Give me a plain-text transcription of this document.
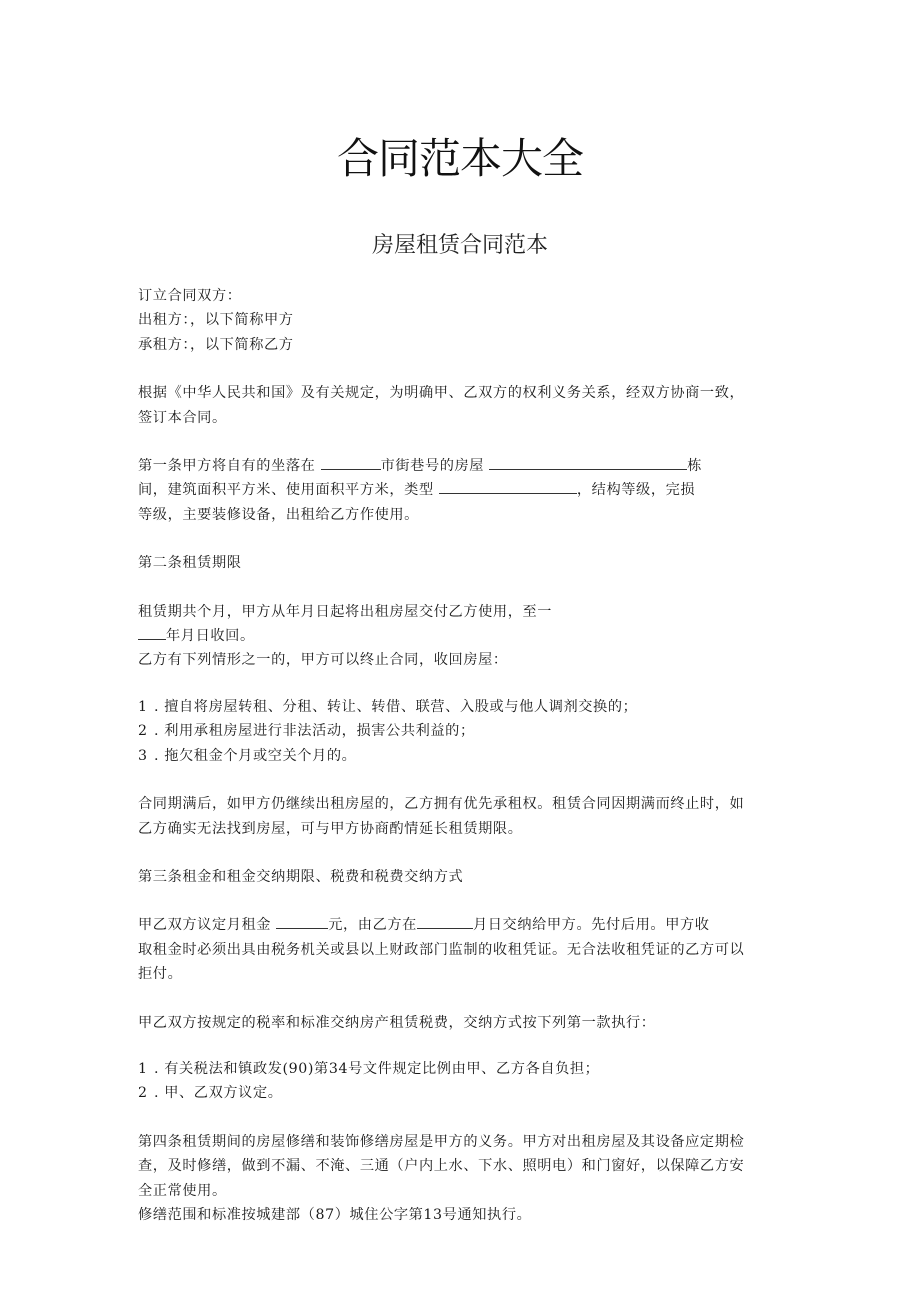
合同范本大全
房屋租赁合同范本

订立合同双方：

出租方：，以下简称甲方

承租方：，以下简称乙方

根据《中华人民共和国》及有关规定，为明确甲、乙双方的权利义务关系，经双方协商一致，

签订本合同。

第一条甲方将自有的坐落在	市街巷号的房屋	栋

间，建筑面积平方米、使用面积平方米，类型	，结构等级，完损

等级，主要装修设备，出租给乙方作使用。

第二条租赁期限

租赁期共个月，甲方从年月日起将出租房屋交付乙方使用，至一

年月日收回。

乙方有下列情形之一的，甲方可以终止合同，收回房屋：

1 . 擅自将房屋转租、分租、转让、转借、联营、入股或与他人调剂交换的；

2 . 利用承租房屋进行非法活动，损害公共利益的；

3 . 拖欠租金个月或空关个月的。

合同期满后，如甲方仍继续出租房屋的，乙方拥有优先承租权。租赁合同因期满而终止时，如

乙方确实无法找到房屋，可与甲方协商酌情延长租赁期限。

第三条租金和租金交纳期限、税费和税费交纳方式

甲乙双方议定月租金	元，由乙方在	月日交纳给甲方。先付后用。甲方收

取租金时必须出具由税务机关或县以上财政部门监制的收租凭证。无合法收租凭证的乙方可以

拒付。

甲乙双方按规定的税率和标准交纳房产租赁税费，交纳方式按下列第一款执行：

1 . 有关税法和镇政发(90)第34号文件规定比例由甲、乙方各自负担；

2 . 甲、乙双方议定。

第四条租赁期间的房屋修缮和装饰修缮房屋是甲方的义务。甲方对出租房屋及其设备应定期检

查，及时修缮，做到不漏、不淹、三通（户内上水、下水、照明电）和门窗好，以保障乙方安

全正常使用。

修缮范围和标准按城建部（87）城住公字第13号通知执行。
